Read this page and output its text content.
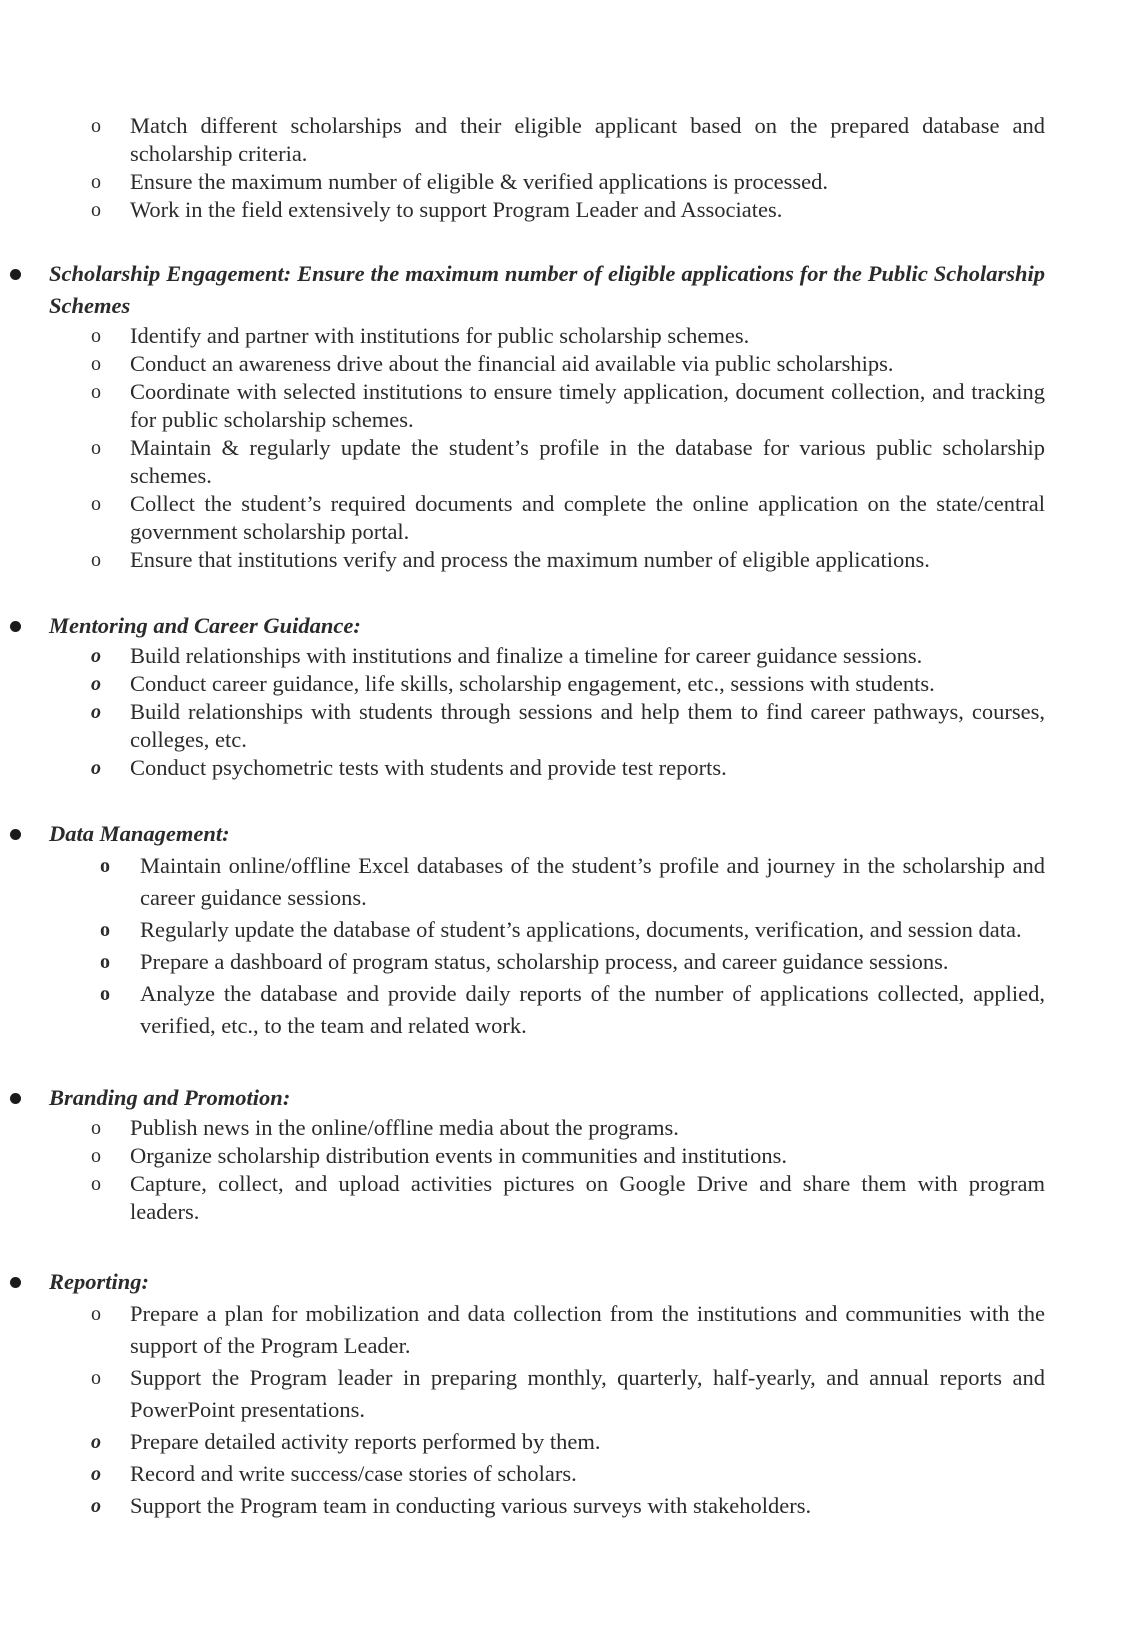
o Match different scholarships and their eligible applicant based on the prepared database and scholarship criteria.
o Ensure the maximum number of eligible & verified applications is processed.
o Work in the field extensively to support Program Leader and Associates.
Scholarship Engagement: Ensure the maximum number of eligible applications for the Public Scholarship Schemes
o Identify and partner with institutions for public scholarship schemes.
o Conduct an awareness drive about the financial aid available via public scholarships.
o Coordinate with selected institutions to ensure timely application, document collection, and tracking for public scholarship schemes.
o Maintain & regularly update the student’s profile in the database for various public scholarship schemes.
o Collect the student’s required documents and complete the online application on the state/central government scholarship portal.
o Ensure that institutions verify and process the maximum number of eligible applications.
Mentoring and Career Guidance:
o Build relationships with institutions and finalize a timeline for career guidance sessions.
o Conduct career guidance, life skills, scholarship engagement, etc., sessions with students.
o Build relationships with students through sessions and help them to find career pathways, courses, colleges, etc.
o Conduct psychometric tests with students and provide test reports.
Data Management:
o Maintain online/offline Excel databases of the student’s profile and journey in the scholarship and career guidance sessions.
o Regularly update the database of student’s applications, documents, verification, and session data.
o Prepare a dashboard of program status, scholarship process, and career guidance sessions.
o Analyze the database and provide daily reports of the number of applications collected, applied, verified, etc., to the team and related work.
Branding and Promotion:
o Publish news in the online/offline media about the programs.
o Organize scholarship distribution events in communities and institutions.
o Capture, collect, and upload activities pictures on Google Drive and share them with program leaders.
Reporting:
o Prepare a plan for mobilization and data collection from the institutions and communities with the support of the Program Leader.
o Support the Program leader in preparing monthly, quarterly, half-yearly, and annual reports and PowerPoint presentations.
o Prepare detailed activity reports performed by them.
o Record and write success/case stories of scholars.
o Support the Program team in conducting various surveys with stakeholders.
